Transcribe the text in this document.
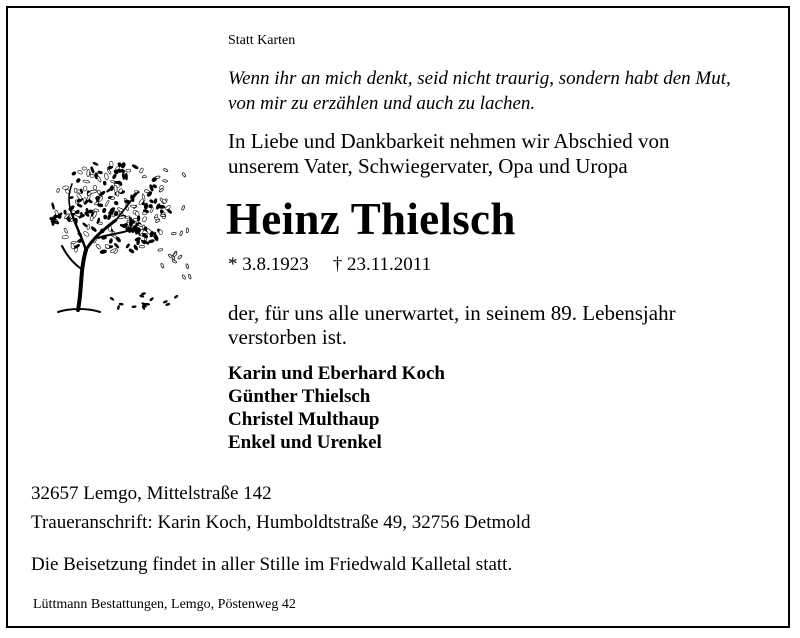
Statt Karten
Wenn ihr an mich denkt, seid nicht traurig, sondern habt den Mut,
von mir zu erzählen und auch zu lachen.
In Liebe und Dankbarkeit nehmen wir Abschied von
unserem Vater, Schwiegervater, Opa und Uropa
Heinz Thielsch
* 3.8.1923 † 23.11.2011
der, für uns alle unerwartet, in seinem 89. Lebensjahr
verstorben ist.
Karin und Eberhard Koch
Günther Thielsch
Christel Multhaup
Enkel und Urenkel
32657 Lemgo, Mittelstraße 142
Traueranschrift: Karin Koch, Humboldtstraße 49, 32756 Detmold
Die Beisetzung findet in aller Stille im Friedwald Kalletal statt.
Lüttmann Bestattungen, Lemgo, Pöstenweg 42
